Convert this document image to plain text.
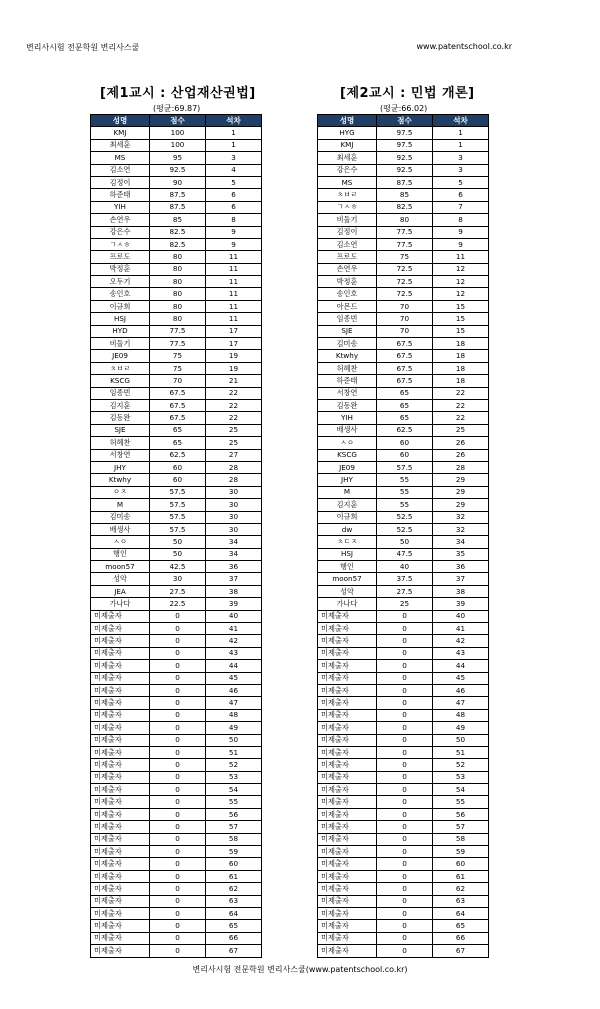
변리사시험 전문학원 변리사스쿨	www.patentschool.co.kr
[제1교시 : 산업재산권법]
(평균:69.87)
성명	점수	석차
KMJ	100	1
최세훈	100	1
MS	95	3
김소연	92.5	4
김정이	90	5
하준태	87.5	6
YIH	87.5	6
손연우	85	8
강은수	82.5	9
ㄱㅅㅎ	82.5	9
프로도	80	11
박정훈	80	11
오두기	80	11
송인호	80	11
이규희	80	11
HSJ	80	11
HYD	77.5	17
비둘기	77.5	17
JE09	75	19
ㅊㅂㄹ	75	19
KSCG	70	21
임종빈	67.5	22
김지훈	67.5	22
김동완	67.5	22
SJE	65	25
허혜찬	65	25
서창연	62.5	27
JHY	60	28
Ktwhy	60	28
ㅇㅈ	57.5	30
M	57.5	30
김미송	57.5	30
배생사	57.5	30
ㅅㅇ	50	34
행인	50	34
moon57	42.5	36
성악	30	37
JEA	27.5	38
가나다	22.5	39
미제출자	0	40
미제출자	0	41
미제출자	0	42
미제출자	0	43
미제출자	0	44
미제출자	0	45
미제출자	0	46
미제출자	0	47
미제출자	0	48
미제출자	0	49
미제출자	0	50
미제출자	0	51
미제출자	0	52
미제출자	0	53
미제출자	0	54
미제출자	0	55
미제출자	0	56
미제출자	0	57
미제출자	0	58
미제출자	0	59
미제출자	0	60
미제출자	0	61
미제출자	0	62
미제출자	0	63
미제출자	0	64
미제출자	0	65
미제출자	0	66
미제출자	0	67
[제2교시 : 민법 개론]
(평균:66.02)
성명	점수	석차
HYG	97.5	1
KMJ	97.5	1
최세훈	92.5	3
강은수	92.5	3
MS	87.5	5
ㅊㅂㄹ	85	6
ㄱㅅㅎ	82.5	7
비둘기	80	8
김정이	77.5	9
김소연	77.5	9
프로도	75	11
손연우	72.5	12
박정훈	72.5	12
송인호	72.5	12
아몬드	70	15
임종빈	70	15
SJE	70	15
김미송	67.5	18
Ktwhy	67.5	18
허혜찬	67.5	18
하준태	67.5	18
서창연	65	22
김동완	65	22
YIH	65	22
배생사	62.5	25
ㅅㅇ	60	26
KSCG	60	26
JE09	57.5	28
JHY	55	29
M	55	29
김지훈	55	29
이규희	52.5	32
dw	52.5	32
ㅊㄷㅈ	50	34
HSJ	47.5	35
행인	40	36
moon57	37.5	37
성악	27.5	38
가나다	25	39
미제출자	0	40
미제출자	0	41
미제출자	0	42
미제출자	0	43
미제출자	0	44
미제출자	0	45
미제출자	0	46
미제출자	0	47
미제출자	0	48
미제출자	0	49
미제출자	0	50
미제출자	0	51
미제출자	0	52
미제출자	0	53
미제출자	0	54
미제출자	0	55
미제출자	0	56
미제출자	0	57
미제출자	0	58
미제출자	0	59
미제출자	0	60
미제출자	0	61
미제출자	0	62
미제출자	0	63
미제출자	0	64
미제출자	0	65
미제출자	0	66
미제출자	0	67
변리사시험 전문학원 변리사스쿨(www.patentschool.co.kr)
